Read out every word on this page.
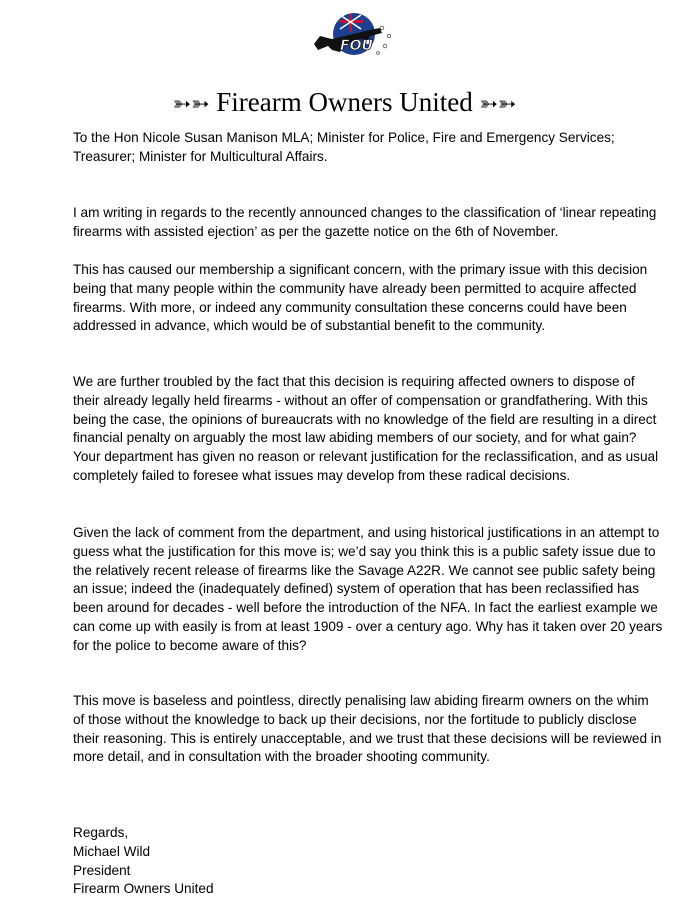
FOU
➳➳ Firearm Owners United ➳➳

To the Hon Nicole Susan Manison MLA; Minister for Police, Fire and Emergency Services; Treasurer; Minister for Multicultural Affairs.

I am writing in regards to the recently announced changes to the classification of ‘linear repeating firearms with assisted ejection’ as per the gazette notice on the 6th of November.

This has caused our membership a significant concern, with the primary issue with this decision being that many people within the community have already been permitted to acquire affected firearms. With more, or indeed any community consultation these concerns could have been addressed in advance, which would be of substantial benefit to the community.

We are further troubled by the fact that this decision is requiring affected owners to dispose of their already legally held firearms - without an offer of compensation or grandfathering. With this being the case, the opinions of bureaucrats with no knowledge of the field are resulting in a direct financial penalty on arguably the most law abiding members of our society, and for what gain? Your department has given no reason or relevant justification for the reclassification, and as usual completely failed to foresee what issues may develop from these radical decisions.

Given the lack of comment from the department, and using historical justifications in an attempt to guess what the justification for this move is; we’d say you think this is a public safety issue due to the relatively recent release of firearms like the Savage A22R. We cannot see public safety being an issue; indeed the (inadequately defined) system of operation that has been reclassified has been around for decades - well before the introduction of the NFA. In fact the earliest example we can come up with easily is from at least 1909 - over a century ago. Why has it taken over 20 years for the police to become aware of this?

This move is baseless and pointless, directly penalising law abiding firearm owners on the whim of those without the knowledge to back up their decisions, nor the fortitude to publicly disclose their reasoning. This is entirely unacceptable, and we trust that these decisions will be reviewed in more detail, and in consultation with the broader shooting community.

Regards,
Michael Wild
President
Firearm Owners United
